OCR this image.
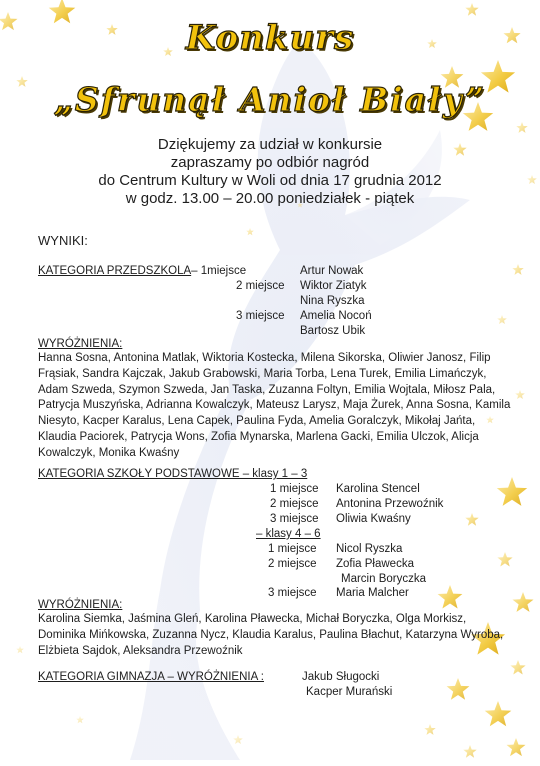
Konkurs
„Sfrunął Anioł Biały”
Dziękujemy za udział w konkursie
zapraszamy po odbiór nagród
do Centrum Kultury w Woli od dnia 17 grudnia 2012
w godz. 13.00 – 20.00 poniedziałek - piątek
WYNIKI:
KATEGORIA PRZEDSZKOLA– 1miejsce	Artur Nowak
2 miejsce Wiktor Ziatyk
Nina Ryszka
3 miejsce Amelia Nocoń
Bartosz Ubik
WYRÓŻNIENIA:
Hanna Sosna, Antonina Matlak, Wiktoria Kostecka, Milena Sikorska, Oliwier Janosz, Filip Frąsiak, Sandra Kajczak, Jakub Grabowski, Maria Torba, Lena Turek, Emilia Limańczyk, Adam Szweda, Szymon Szweda, Jan Taska, Zuzanna Foltyn, Emilia Wojtala, Miłosz Pala, Patrycja Muszyńska, Adrianna Kowalczyk, Mateusz Larysz, Maja Żurek, Anna Sosna, Kamila Niesyto, Kacper Karalus, Lena Capek, Paulina Fyda, Amelia Goralczyk, Mikołaj Jańta, Klaudia Paciorek, Patrycja Wons, Zofia Mynarska, Marlena Gacki, Emilia Ulczok, Alicja Kowalczyk, Monika Kwaśny
KATEGORIA SZKOŁY PODSTAWOWE – klasy 1 – 3
1 miejsce Karolina Stencel
2 miejsce Antonina Przewoźnik
3 miejsce Oliwia Kwaśny
– klasy 4 – 6
1 miejsce Nicol Ryszka
2 miejsce Zofia Pławecka
Marcin Boryczka
3 miejsce Maria Malcher
WYRÓŻNIENIA:
Karolina Siemka, Jaśmina Gleń, Karolina Pławecka, Michał Boryczka, Olga Morkisz, Dominika Mińkowska, Zuzanna Nycz, Klaudia Karalus, Paulina Błachut, Katarzyna Wyroba, Elżbieta Sajdok, Aleksandra Przewoźnik
KATEGORIA GIMNAZJA – WYRÓŻNIENIA :	Jakub Sługocki
Kacper Murański
